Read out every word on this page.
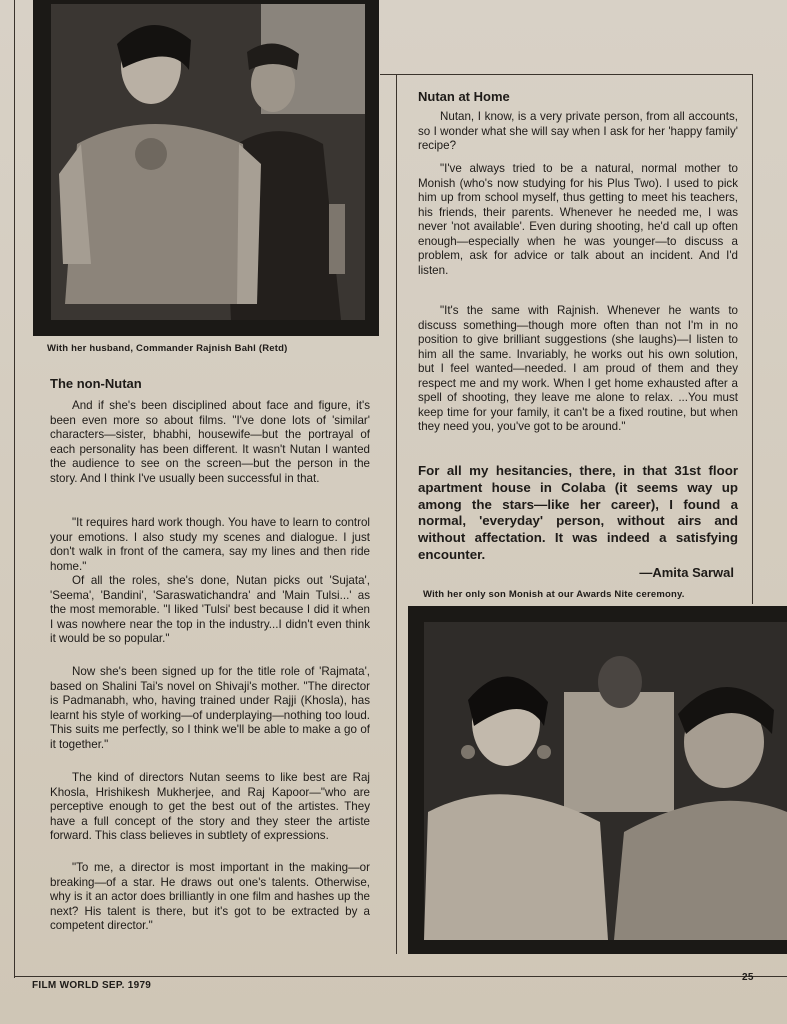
With her husband, Commander Rajnish Bahl (Retd)
The non-Nutan
And if she's been disciplined about face and figure, it's been even more so about films. "I've done lots of 'similar' characters—sister, bhabhi, housewife—but the portrayal of each personality has been different. It wasn't Nutan I wanted the audience to see on the screen—but the person in the story. And I think I've usually been successful in that.
"It requires hard work though. You have to learn to control your emotions. I also study my scenes and dialogue. I just don't walk in front of the camera, say my lines and then ride home."
Of all the roles, she's done, Nutan picks out 'Sujata', 'Seema', 'Bandini', 'Saraswatichandra' and 'Main Tulsi...' as the most memorable. "I liked 'Tulsi' best because I did it when I was nowhere near the top in the industry...I didn't even think it would be so popular."
Now she's been signed up for the title role of 'Rajmata', based on Shalini Tai's novel on Shivaji's mother. "The director is Padmanabh, who, having trained under Rajji (Khosla), has learnt his style of working—of underplaying—nothing too loud. This suits me perfectly, so I think we'll be able to make a go of it together."
The kind of directors Nutan seems to like best are Raj Khosla, Hrishikesh Mukherjee, and Raj Kapoor—"who are perceptive enough to get the best out of the artistes. They have a full concept of the story and they steer the artiste forward. This class believes in subtlety of expressions.
"To me, a director is most important in the making—or breaking—of a star. He draws out one's talents. Otherwise, why is it an actor does brilliantly in one film and hashes up the next? His talent is there, but it's got to be extracted by a competent director."
Nutan at Home
Nutan, I know, is a very private person, from all accounts, so I wonder what she will say when I ask for her 'happy family' recipe?
"I've always tried to be a natural, normal mother to Monish (who's now studying for his Plus Two). I used to pick him up from school myself, thus getting to meet his teachers, his friends, their parents. Whenever he needed me, I was never 'not available'. Even during shooting, he'd call up often enough—especially when he was younger—to discuss a problem, ask for advice or talk about an incident. And I'd listen.
"It's the same with Rajnish. Whenever he wants to discuss something—though more often than not I'm in no position to give brilliant suggestions (she laughs)—I listen to him all the same. Invariably, he works out his own solution, but I feel wanted—needed. I am proud of them and they respect me and my work. When I get home exhausted after a spell of shooting, they leave me alone to relax. ...You must keep time for your family, it can't be a fixed routine, but when they need you, you've got to be around."
For all my hesitancies, there, in that 31st floor apartment house in Colaba (it seems way up among the stars—like her career), I found a normal, 'everyday' person, without airs and without affectation. It was indeed a satisfying encounter.
—Amita Sarwal
With her only son Monish at our Awards Nite ceremony.
FILM WORLD SEP. 1979
25
